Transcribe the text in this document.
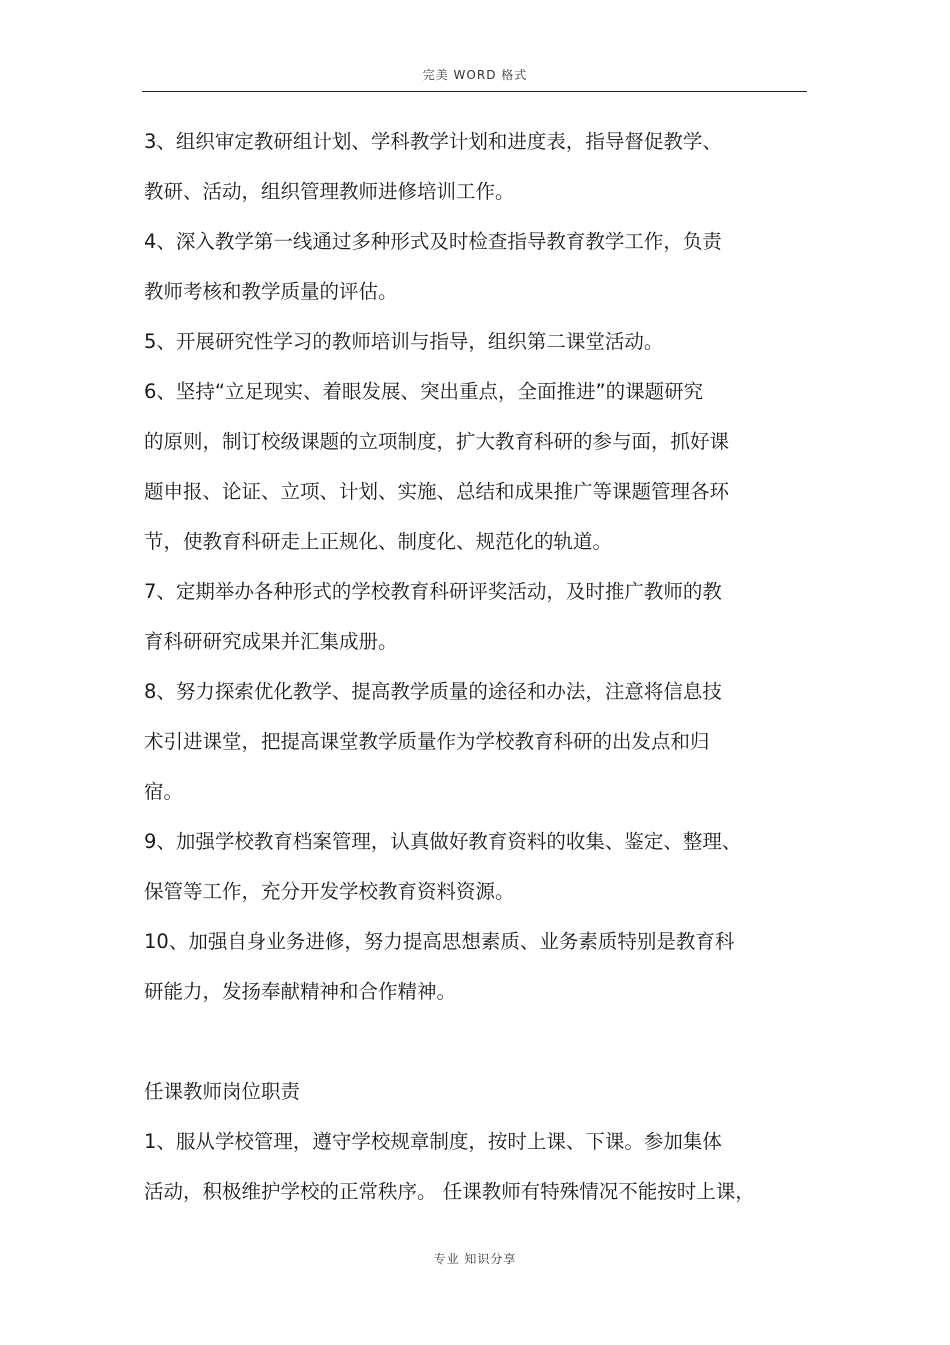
完美 WORD 格式
3、组织审定教研组计划、学科教学计划和进度表，指导督促教学、
教研、活动，组织管理教师进修培训工作。
4、深入教学第一线通过多种形式及时检查指导教育教学工作，负责
教师考核和教学质量的评估。
5、开展研究性学习的教师培训与指导，组织第二课堂活动。
6、坚持“立足现实、着眼发展、突出重点，全面推进”的课题研究
的原则，制订校级课题的立项制度，扩大教育科研的参与面，抓好课
题申报、论证、立项、计划、实施、总结和成果推广等课题管理各环
节，使教育科研走上正规化、制度化、规范化的轨道。
7、定期举办各种形式的学校教育科研评奖活动，及时推广教师的教
育科研研究成果并汇集成册。
8、努力探索优化教学、提高教学质量的途径和办法，注意将信息技
术引进课堂，把提高课堂教学质量作为学校教育科研的出发点和归
宿。
9、加强学校教育档案管理，认真做好教育资料的收集、鉴定、整理、
保管等工作，充分开发学校教育资料资源。
10、加强自身业务进修，努力提高思想素质、业务素质特别是教育科
研能力，发扬奉献精神和合作精神。
任课教师岗位职责
1、服从学校管理，遵守学校规章制度，按时上课、下课。参加集体
活动，积极维护学校的正常秩序。 任课教师有特殊情况不能按时上课，
专业 知识分享
